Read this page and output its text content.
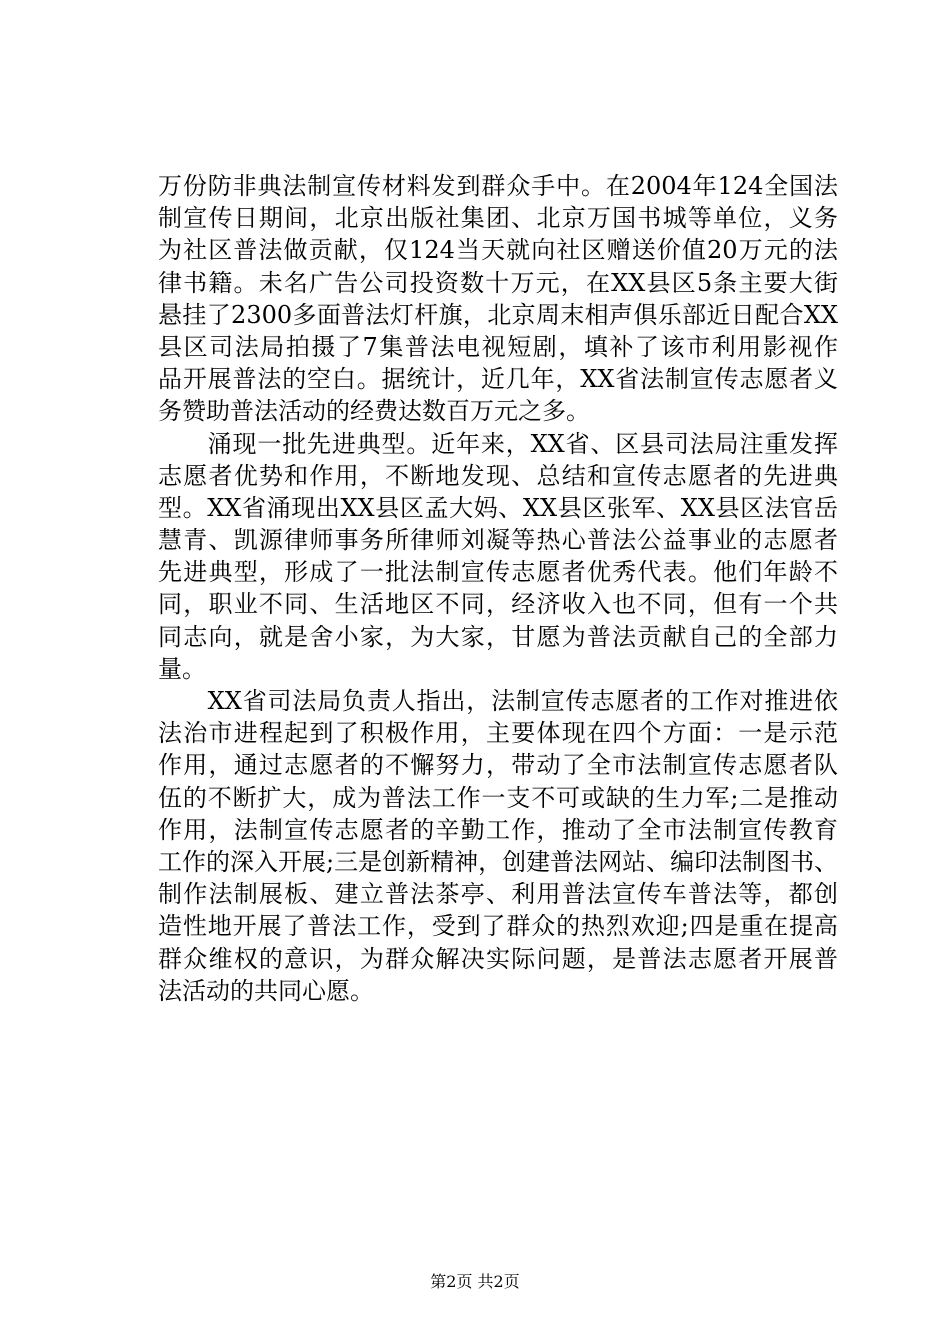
万份防非典法制宣传材料发到群众手中。在2004年124全国法
制宣传日期间，北京出版社集团、北京万国书城等单位，义务
为社区普法做贡献，仅124当天就向社区赠送价值20万元的法
律书籍。未名广告公司投资数十万元，在XX县区5条主要大街
悬挂了2300多面普法灯杆旗，北京周末相声俱乐部近日配合XX
县区司法局拍摄了7集普法电视短剧，填补了该市利用影视作
品开展普法的空白。据统计，近几年，XX省法制宣传志愿者义
务赞助普法活动的经费达数百万元之多。
　　涌现一批先进典型。近年来，XX省、区县司法局注重发挥
志愿者优势和作用，不断地发现、总结和宣传志愿者的先进典
型。XX省涌现出XX县区孟大妈、XX县区张军、XX县区法官岳
慧青、凯源律师事务所律师刘凝等热心普法公益事业的志愿者
先进典型，形成了一批法制宣传志愿者优秀代表。他们年龄不
同，职业不同、生活地区不同，经济收入也不同，但有一个共
同志向，就是舍小家，为大家，甘愿为普法贡献自己的全部力
量。
　　XX省司法局负责人指出，法制宣传志愿者的工作对推进依
法治市进程起到了积极作用，主要体现在四个方面：一是示范
作用，通过志愿者的不懈努力，带动了全市法制宣传志愿者队
伍的不断扩大，成为普法工作一支不可或缺的生力军;二是推动
作用，法制宣传志愿者的辛勤工作，推动了全市法制宣传教育
工作的深入开展;三是创新精神，创建普法网站、编印法制图书、
制作法制展板、建立普法茶亭、利用普法宣传车普法等，都创
造性地开展了普法工作，受到了群众的热烈欢迎;四是重在提高
群众维权的意识，为群众解决实际问题，是普法志愿者开展普
法活动的共同心愿。
第2页 共2页
